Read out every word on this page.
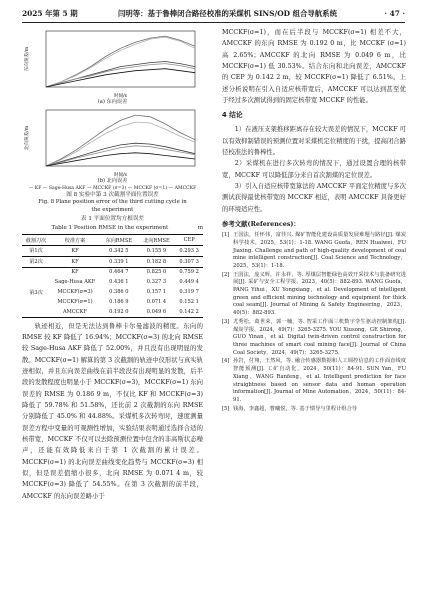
2025 年第 5 期	闫明等：基于鲁棒闭合路径校准的采煤机 SINS/OD 组合导航系统	· 47 ·
东向误差/m
时间/s
(a) 东向误差
北向误差/m
时间/s
(b) 北向误差
— KF — Sage-Husa AKF — MCCKF (σ=3) — MCCKF (σ=1) — AMCCKF
图 8 实验中第 3 次截割平面位置误差
Fig. 8 Plane position error of the third cutting cycle in
the experiment
表 1 平面位置均方根误差
Table 1 Position RMSE in the experiment	m
截割刀次	校准方案	东向RMSE	北向RMSE	CEP
第1次	KF	0.342 5	0.155 9	0.293 3
第2次	KF	0.339 1	0.182 8	0.307 3
	KF	0.464 7	0.825 0	0.759 2
	Sage-Husa AKF	0.436 1	0.327 3	0.449 4
第3次	MCCKF(σ=3)	0.386 0	0.157 1	0.319 7
	MCCKF(σ=1)	0.186 9	0.071 4	0.152 1
	AMCCKF	0.192 0	0.049 6	0.142 2

轨迹相近，但是无法达到鲁棒卡尔曼滤波的精度。东向的 RMSE 较 KF 降低了 16.94%；MCCKF(σ=3) 的北向 RMSE 较 Sage-Husa AKF 降低了 52.00%，并且没有出现明显的发散。MCCKF(σ=1) 解算的第 3 次截割的轨迹中仪形状与真实轨迹相似，并且东向误差曲线在前半段没有出现明显的发散，后半段的发散程度也明显小于 MCCKF(σ=3)，MCCKF(σ=1) 东向误差的 RMSE 为 0.186 9 m，不仅比 KF 和 MCCKF(σ=3) 降低了 59.78% 和 51.58%，还比前 2 次截割的东向 RMSE 分别降低了 45.0% 和 44.88%。采煤机多次转弯时，速度测量误差方程中变量的可观测性增加，实验结果表明通过选择合适的核带宽，MCCKF 不仅可以去除预测位置中包含的非高斯状态噪声，还能有效降低来自于第 1 次截割的累计误差。MCCKF(σ=1) 的北向误差曲线变化趋势与 MCCKF(σ=3) 相似，但是误差值缩小很多，北向 RMSE 为 0.071 4 m，较 MCCKF(σ=3) 降低了 54.55%。在第 3 次截割的前半段，AMCCKF 的东向误差略小于

MCCKF(σ=1)，而在后半段与 MCCKF(σ=1) 相差不大，AMCCKF 的东向 RMSE 为 0.192 0 m，比 MCCKF (σ=1) 高 2.65%；AMCCKF 的北向 RMSE 为 0.049 6 m，比 MCCKF(σ=1) 低 30.53%。结合东向和北向误差，AMCCKF 的 CEP 为 0.142 2 m，较 MCCKF(σ=1) 降低了 6.51%。上述分析说明在引入自适应核带宽后，AMCCKF 可以达到甚至优于经过多次测试得到的固定核带宽 MCCKF 的性能。

4 结论

1）在液压支架推移距离存在较大误差的情况下，MCCKF 可以有效抑制错误的预测位置对采煤机定位精度的干扰，提高闭合路径校准法的鲁棒性。

2）采煤机在进行多次转弯的情况下，通过设置合理的核带宽，MCCKF 可以降低部分来自首次割煤的定位误差。

3）引入自适应核带宽算法的 AMCCKF 平面定位精度与多次测试获得最优核带宽的 MCCKF 相近，表明 AMCCKF 具备更好的环境适应性。

参考文献(References)：

[1] 王国法，任怀伟，富佳兴. 煤矿智能化建设高质量发展难题与路径[J]. 煤炭科学技术，2025，53(1)：1-18. WANG Guofa，REN Huaiwei，FU Jiaxing. Challenge and path of high-quality development of coal mine intelligent construction[J]. Coal Science and Technology，2025，53(1)：1-18.

[2] 王国法，庞义辉，许永祥，等. 厚煤层智能绿色高效开采技术与装备研究进展[J]. 采矿与安全工程学报，2023，40(5)：882-893. WANG Guofa，PANG Yihui，XU Yongxiang，et al. Development of intelligent green and efficient mining technology and equipment for thick coal seam[J]. Journal of Mining & Safety Engineering，2023，40(5)：882-893.

[3] 尤秀松，葛世荣，郭一楠，等. 智采工作面三机数字孪生驱动控制架构[J]. 煤炭学报，2024，49(7)：3265-3275. YOU Xiusong，GE Shirong，GUO Yinan，et al. Digital twin-driven control construction for three machines of smart coal mining face[J]. Journal of China Coal Society，2024，49(7)：3265-3275.

[4] 孙岩，付翔，王然风，等. 融合传感器数据和人工调控信息的工作面直线度智能预测[J]. 工矿自动化，2024，50(11)：84-91. SUN Yan，FU Xiang，WANG Ranfeng，et al. Intelligent prediction for face straightness based on sensor data and human operation information[J]. Journal of Mine Automation，2024，50(11)：84-91.

[5] 钱海，李鑫超，曹曦悦，等. 基于惯导与里程计组合导
